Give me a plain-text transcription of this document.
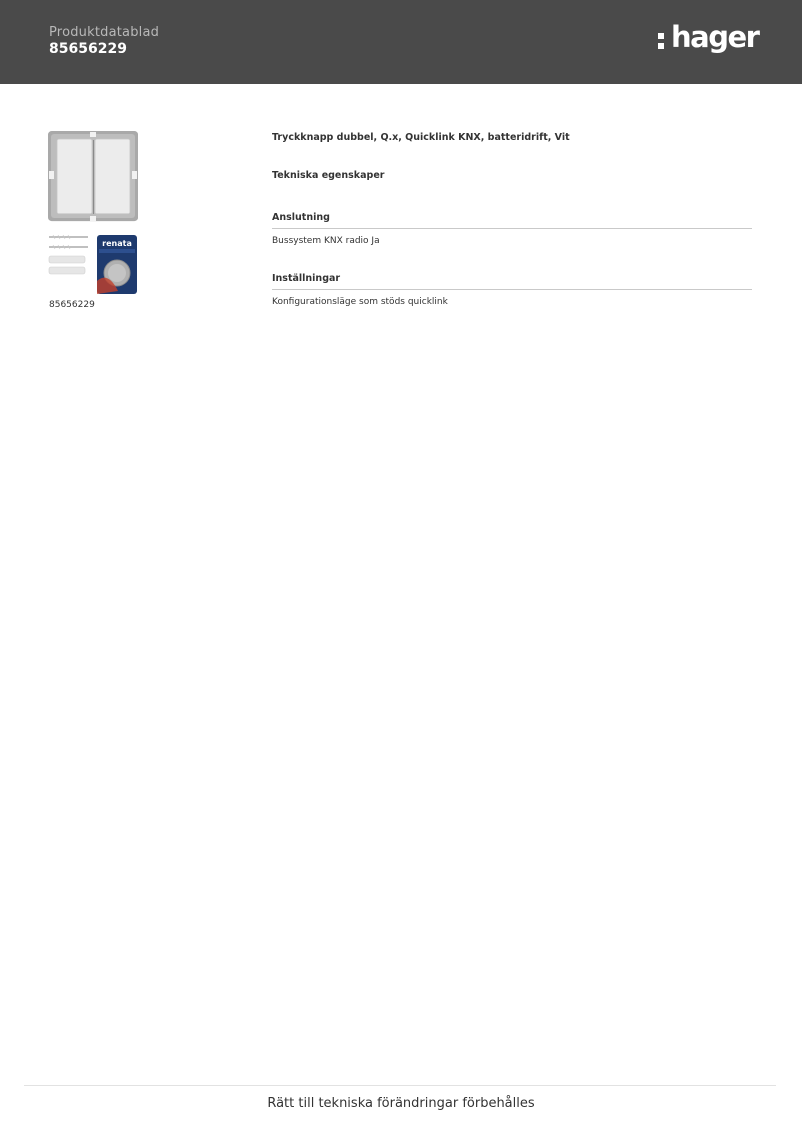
Produktdatablad
85656229	hager
renata
85656229
Tryckknapp dubbel, Q.x, Quicklink KNX, batteridrift, Vit
Tekniska egenskaper
Anslutning
Bussystem KNX radio Ja
Inställningar
Konfigurationsläge som stöds quicklink
Rätt till tekniska förändringar förbehålles
